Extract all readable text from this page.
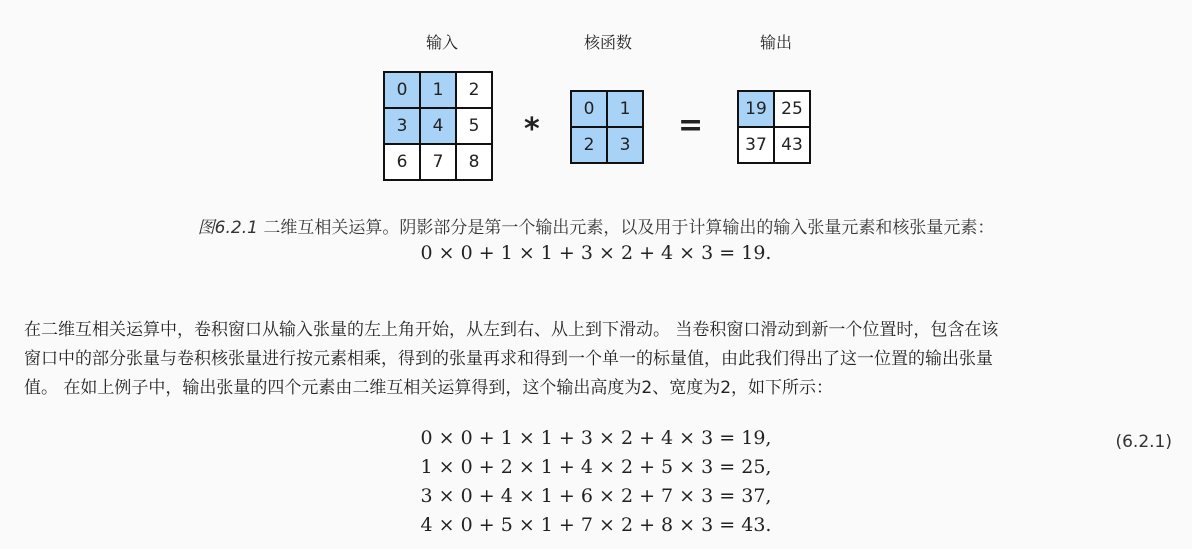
输入	核函数	输出
0	1	2
3	4	5
6	7	8
*
0	1
2	3
= 19	25
37	43
图6.2.1 二维互相关运算。阴影部分是第一个输出元素，以及用于计算输出的输入张量元素和核张量元素：
0 × 0 + 1 × 1 + 3 × 2 + 4 × 3 = 19.
在二维互相关运算中，卷积窗口从输入张量的左上角开始，从左到右、从上到下滑动。 当卷积窗口滑动到新一个位置时，包含在该
窗口中的部分张量与卷积核张量进行按元素相乘，得到的张量再求和得到一个单一的标量值，由此我们得出了这一位置的输出张量
值。 在如上例子中，输出张量的四个元素由二维互相关运算得到，这个输出高度为2、宽度为2，如下所示：
0 × 0 + 1 × 1 + 3 × 2 + 4 × 3 = 19,
1 × 0 + 2 × 1 + 4 × 2 + 5 × 3 = 25,
3 × 0 + 4 × 1 + 6 × 2 + 7 × 3 = 37,
4 × 0 + 5 × 1 + 7 × 2 + 8 × 3 = 43.
(6.2.1)
